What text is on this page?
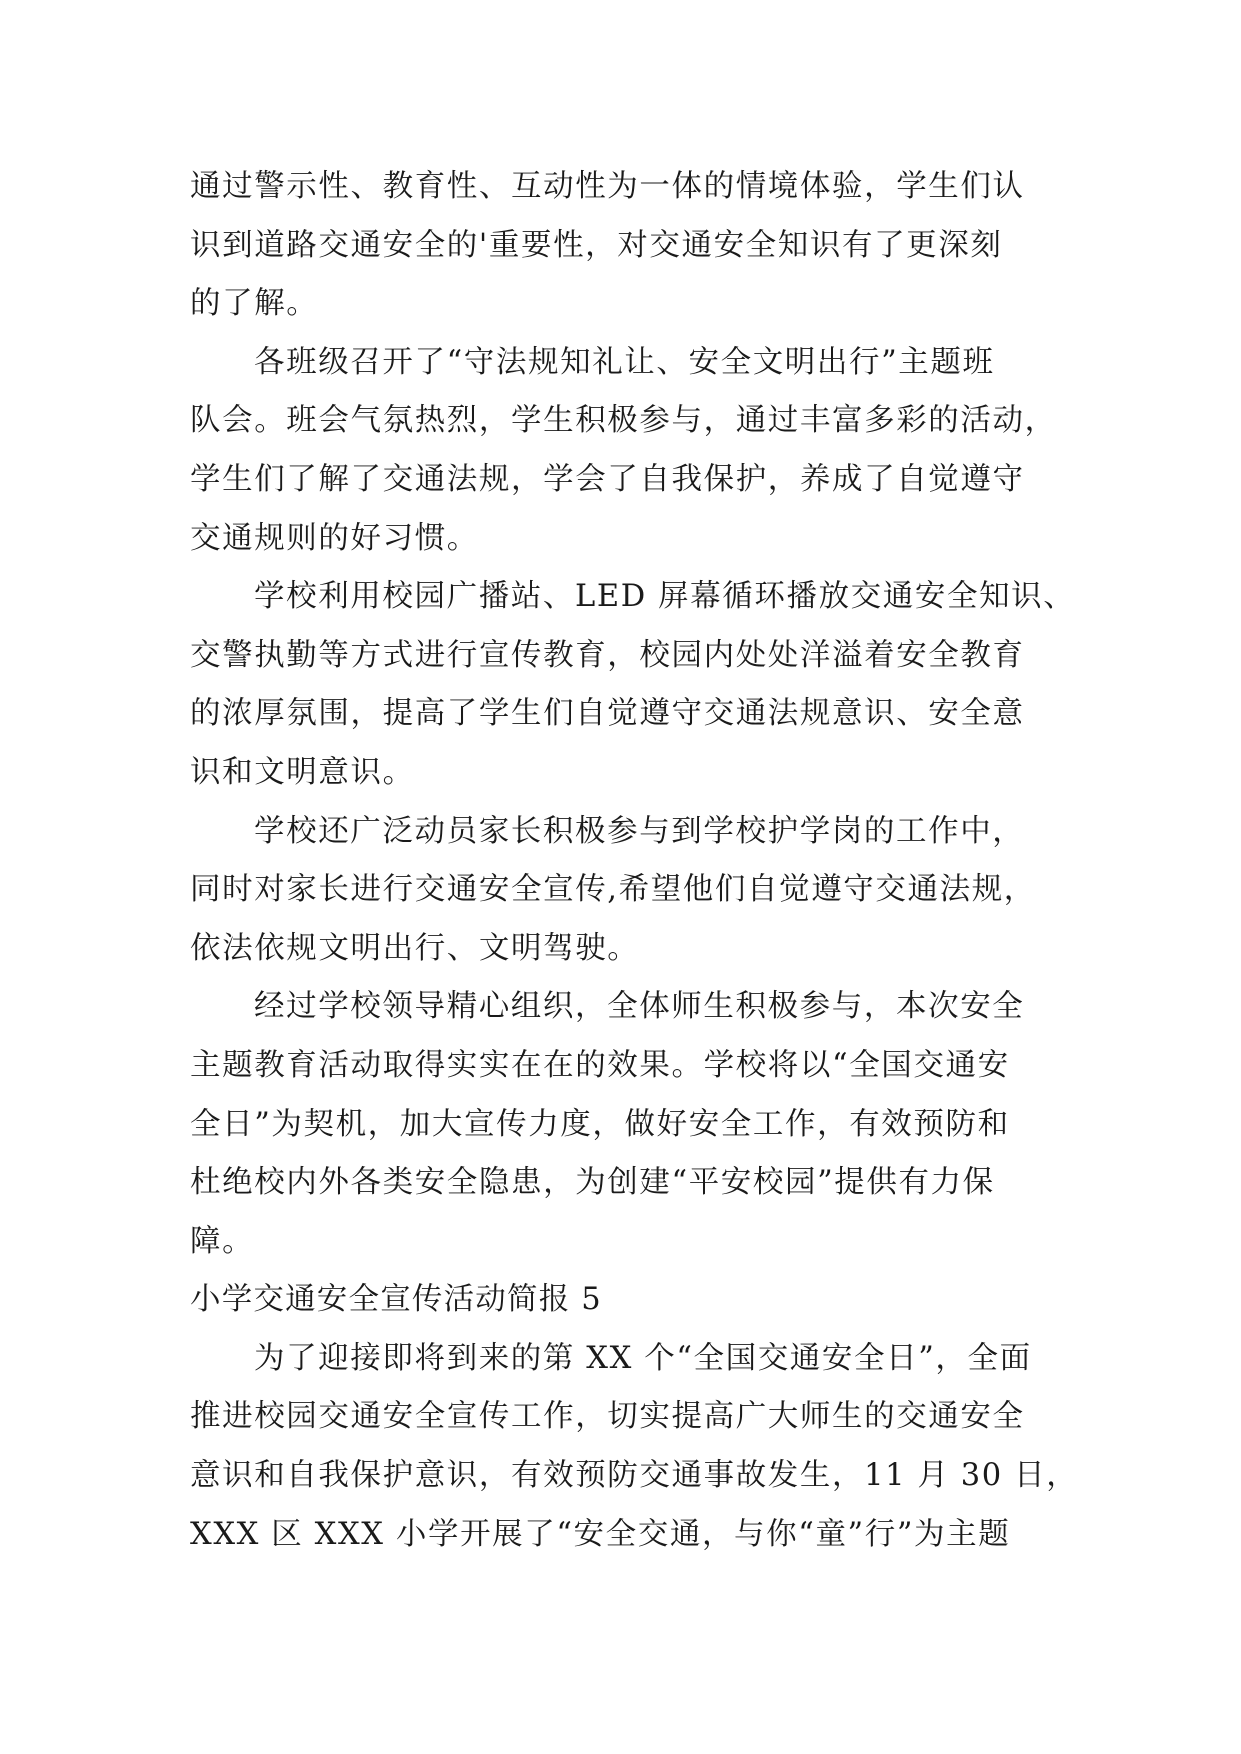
通过警示性、教育性、互动性为一体的情境体验，学生们认
识到道路交通安全的'重要性，对交通安全知识有了更深刻
的了解。
各班级召开了“守法规知礼让、安全文明出行”主题班
队会。班会气氛热烈，学生积极参与，通过丰富多彩的活动，
学生们了解了交通法规，学会了自我保护，养成了自觉遵守
交通规则的好习惯。
学校利用校园广播站、LED 屏幕循环播放交通安全知识、
交警执勤等方式进行宣传教育，校园内处处洋溢着安全教育
的浓厚氛围，提高了学生们自觉遵守交通法规意识、安全意
识和文明意识。
学校还广泛动员家长积极参与到学校护学岗的工作中，
同时对家长进行交通安全宣传,希望他们自觉遵守交通法规，
依法依规文明出行、文明驾驶。
经过学校领导精心组织，全体师生积极参与，本次安全
主题教育活动取得实实在在的效果。学校将以“全国交通安
全日”为契机，加大宣传力度，做好安全工作，有效预防和
杜绝校内外各类安全隐患，为创建“平安校园”提供有力保
障。
小学交通安全宣传活动简报 5
为了迎接即将到来的第 XX 个“全国交通安全日”，全面
推进校园交通安全宣传工作，切实提高广大师生的交通安全
意识和自我保护意识，有效预防交通事故发生，11 月 30 日，
XXX 区 XXX 小学开展了“安全交通，与你“童”行”为主题
